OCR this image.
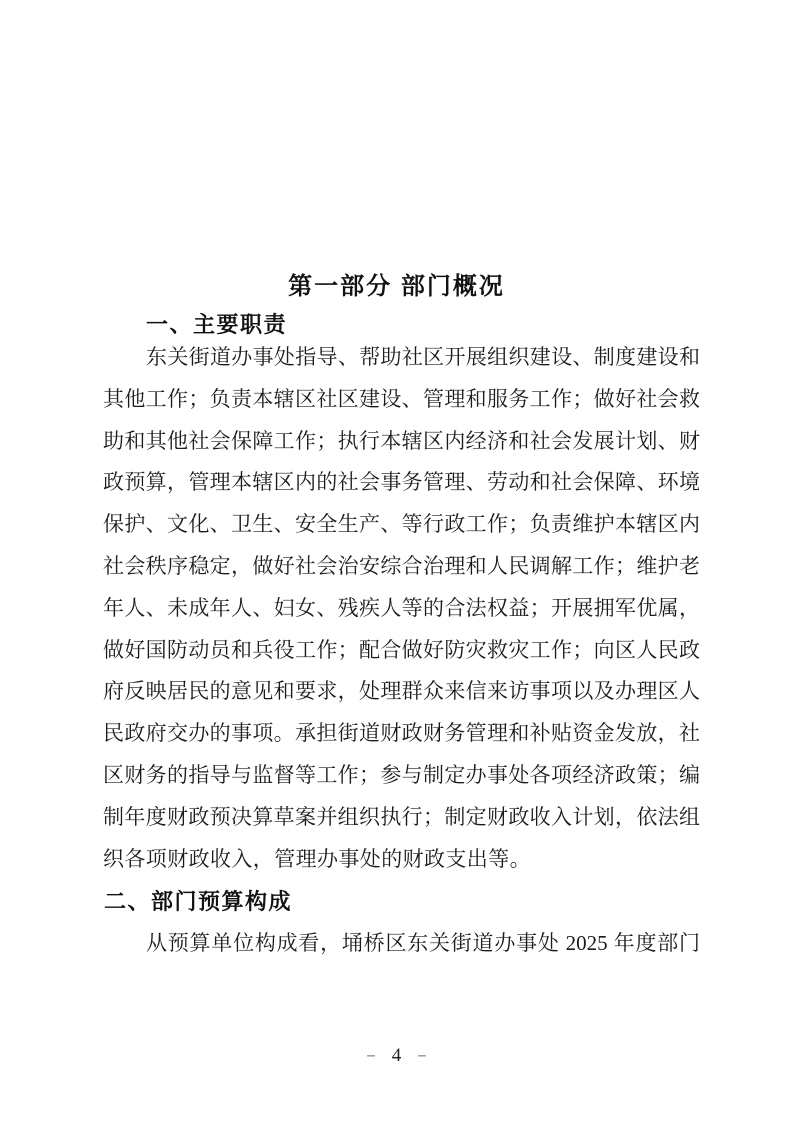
第一部分 部门概况
一、主要职责
东关街道办事处指导、帮助社区开展组织建设、制度建设和
其他工作；负责本辖区社区建设、管理和服务工作；做好社会救
助和其他社会保障工作；执行本辖区内经济和社会发展计划、财
政预算，管理本辖区内的社会事务管理、劳动和社会保障、环境
保护、文化、卫生、安全生产、等行政工作；负责维护本辖区内
社会秩序稳定，做好社会治安综合治理和人民调解工作；维护老
年人、未成年人、妇女、残疾人等的合法权益；开展拥军优属，
做好国防动员和兵役工作；配合做好防灾救灾工作；向区人民政
府反映居民的意见和要求，处理群众来信来访事项以及办理区人
民政府交办的事项。承担街道财政财务管理和补贴资金发放，社
区财务的指导与监督等工作；参与制定办事处各项经济政策；编
制年度财政预决算草案并组织执行；制定财政收入计划，依法组
织各项财政收入，管理办事处的财政支出等。
二、部门预算构成
从预算单位构成看，埇桥区东关街道办事处 2025 年度部门
– 4 –
